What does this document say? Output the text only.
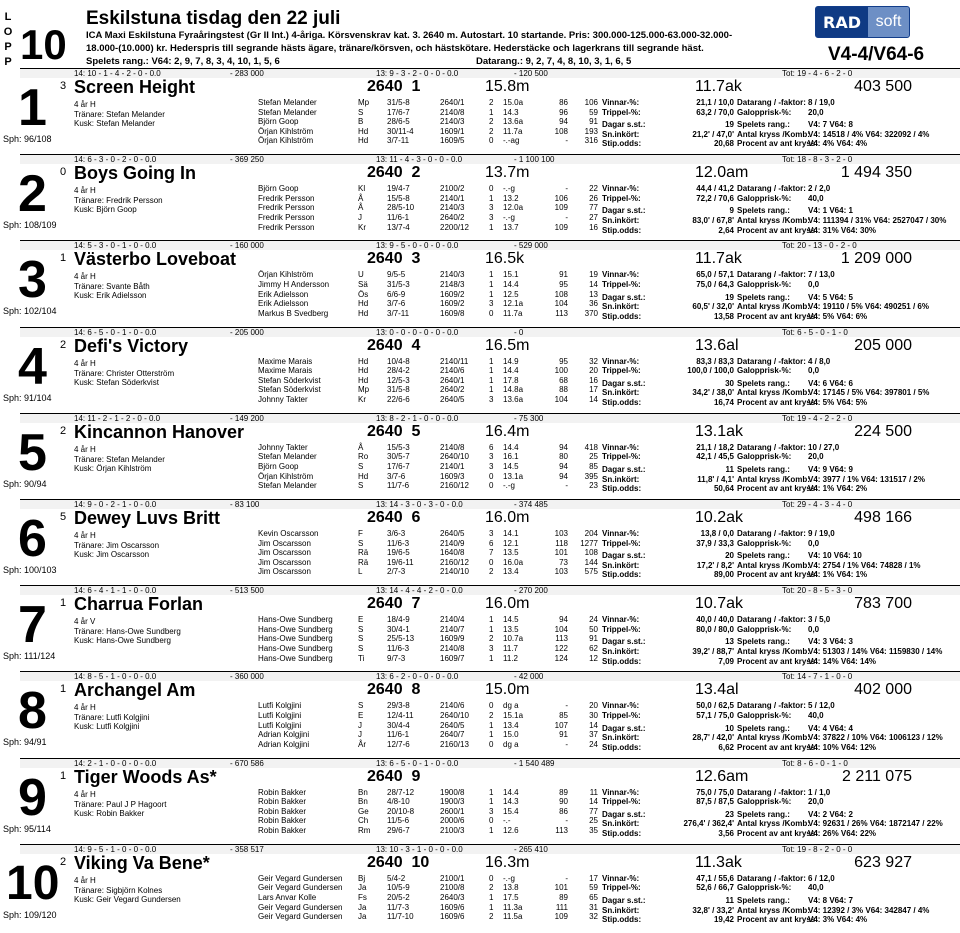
L
O
P
P 10
Eskilstuna tisdag den 22 juli
ICA Maxi Eskilstuna Fyraåringstest (Gr II Int.) 4-åriga. Körsvenskrav kat. 3. 2640 m. Autostart. 10 startande. Pris: 300.000-125.000-63.000-32.000-
18.000-(10.000) kr. Hederspris till segrande hästs ägare, tränare/körsven, och hästskötare. Hederstäcke och lagerkrans till segrande häst.
Spelets rang.: V64: 2, 9, 7, 8, 3, 4, 10, 1, 5, 6	Datarang.: 9, 2, 7, 4, 8, 10, 3, 1, 6, 5
RAD soft
V4-4/V64-6
14: 10 - 1 - 4 - 2 - 0 - 0.0	- 283 000	13: 9 - 3 - 2 - 0 - 0 - 0.0	- 120 500	Tot: 19 - 4 - 6 - 2 - 0
1 3
Sph: 96/108
Screen Height
4 år H
Tränare: Stefan Melander
Kusk: Stefan Melander
2640 1	15.8m	11.7ak	403 500
Stefan Melander	Mp	31/5-8	2640/1	2	15.0a	86	106
Stefan Melander	S	17/6-7	2140/8	1	14.3	96	59
Björn Goop	B	28/6-5	2140/3	2	13.6a	94	91
Örjan Kihlström	Hd	30/11-4	1609/1	2	11.7a	108	193
Örjan Kihlström	Hd	3/7-11	1609/5	0	-.-ag	-	316
Vinnar-%:	21,1 / 10,0 Datarang / -faktor: 8 / 19,0
Trippel-%:	63,2 / 70,0 Galopprisk-%:	20,0
Dagar s.st.:	19 Spelets rang.:	V4: 7 V64: 8
Sn.inkört:	21,2' / 47,0' Antal kryss /Komb:
V4: 14518 / 4% V64: 322092 / 4%
Stip.odds:	20,68 Procent av ant kryss:
V4: 4% V64: 4%
14: 6 - 3 - 0 - 2 - 0 - 0.0	- 369 250	13: 11 - 4 - 3 - 0 - 0 - 0.0	- 1 100 100	Tot: 18 - 8 - 3 - 2 - 0
2 0
Sph: 108/109
Boys Going In
4 år H
Tränare: Fredrik Persson
Kusk: Björn Goop
2640 2	13.7m	12.0am	1 494 350
Björn Goop	Kl	19/4-7	2100/2	0	-.-g	-	22
Fredrik Persson	Å	15/5-8	2140/1	1	13.2	106	26
Fredrik Persson	Å	28/5-10	2140/3	3	12.0a	109	77
Fredrik Persson	J	11/6-1	2640/2	3	-.-g	-	27
Fredrik Persson	Kr	13/7-4	2200/12	1	13.7	109	16
Vinnar-%:	44,4 / 41,2 Datarang / -faktor: 2 / 2,0
Trippel-%:	72,2 / 70,6 Galopprisk-%:	40,0
Dagar s.st.:	9 Spelets rang.:	V4: 1 V64: 1
Sn.inkört:	83,0' / 67,8' Antal kryss /Komb:
V4: 111394 / 31% V64: 2527047 / 30%
Stip.odds:	2,64 Procent av ant kryss:
V4: 31% V64: 30%
14: 5 - 3 - 0 - 1 - 0 - 0.0	- 160 000	13: 9 - 5 - 0 - 0 - 0 - 0.0	- 529 000	Tot: 20 - 13 - 0 - 2 - 0
3 1
Sph: 102/104
Västerbo Loveboat
4 år H
Tränare: Svante Båth
Kusk: Erik Adielsson
2640 3	16.5k	11.7ak	1 209 000
Örjan Kihlström	U	9/5-5	2140/3	1	15.1	91	19
Jimmy H Andersson	Sä	31/5-3	2148/3	1	14.4	95	14
Erik Adielsson	Ös	6/6-9	1609/2	1	12.5	108	13
Erik Adielsson	Hd	3/7-6	1609/2	3	12.1a	104	36
Markus B Svedberg	Hd	3/7-11	1609/8	0	11.7a	113	370
Vinnar-%:	65,0 / 57,1 Datarang / -faktor: 7 / 13,0
Trippel-%:	75,0 / 64,3 Galopprisk-%:	0,0
Dagar s.st.:	19 Spelets rang.:	V4: 5 V64: 5
Sn.inkört:	60,5' / 32,0' Antal kryss /Komb:
V4: 19110 / 5% V64: 490251 / 6%
Stip.odds:	13,58 Procent av ant kryss:
V4: 5% V64: 6%
14: 6 - 5 - 0 - 1 - 0 - 0.0	- 205 000	13: 0 - 0 - 0 - 0 - 0 - 0.0	- 0	Tot: 6 - 5 - 0 - 1 - 0
4 2
Sph: 91/104
Defi's Victory
4 år H
Tränare: Christer Otterström
Kusk: Stefan Söderkvist
2640 4	16.5m	13.6al	205 000
Maxime Marais	Hd	10/4-8	2140/11	1	14.9	95	32
Maxime Marais	Hd	28/4-2	2140/6	1	14.4	100	20
Stefan Söderkvist	Hd	12/5-3	2640/1	1	17.8	68	16
Stefan Söderkvist	Mp	31/5-8	2640/2	1	14.8a	88	17
Johnny Takter	Kr	22/6-6	2640/5	3	13.6a	104	14
Vinnar-%:	83,3 / 83,3 Datarang / -faktor: 4 / 8,0
Trippel-%:	100,0 / 100,0 Galopprisk-%:	0,0
Dagar s.st.:	30 Spelets rang.:	V4: 6 V64: 6
Sn.inkört:	34,2' / 38,0' Antal kryss /Komb:
V4: 17145 / 5% V64: 397801 / 5%
Stip.odds:	16,74 Procent av ant kryss:
V4: 5% V64: 5%
14: 11 - 2 - 1 - 2 - 0 - 0.0	- 149 200	13: 8 - 2 - 1 - 0 - 0 - 0.0	- 75 300	Tot: 19 - 4 - 2 - 2 - 0
5 2
Sph: 90/94
Kincannon Hanover
4 år H
Tränare: Stefan Melander
Kusk: Örjan Kihlström
2640 5	16.4m	13.1ak	224 500
Johnny Takter	Å	15/5-3	2140/8	6	14.4	94	418
Stefan Melander	Ro	30/5-7	2640/10	3	16.1	80	25
Björn Goop	S	17/6-7	2140/1	3	14.5	94	85
Örjan Kihlström	Hd	3/7-6	1609/3	0	13.1a	94	395
Stefan Melander	S	11/7-6	2160/12	0	-.-g	-	23
Vinnar-%:	21,1 / 18,2 Datarang / -faktor: 10 / 27,0
Trippel-%:	42,1 / 45,5 Galopprisk-%:	20,0
Dagar s.st.:	11 Spelets rang.:	V4: 9 V64: 9
Sn.inkört:	11,8' / 4,1' Antal kryss /Komb:
V4: 3977 / 1% V64: 131517 / 2%
Stip.odds:	50,64 Procent av ant kryss:
V4: 1% V64: 2%
14: 9 - 0 - 2 - 1 - 0 - 0.0	- 83 100	13: 14 - 3 - 0 - 3 - 0 - 0.0	- 374 485	Tot: 29 - 4 - 3 - 4 - 0
6 5
Sph: 100/103
Dewey Luvs Britt
4 år H
Tränare: Jim Oscarsson
Kusk: Jim Oscarsson
2640 6	16.0m	10.2ak	498 166
Kevin Oscarsson	F	3/6-3	2640/5	3	14.1	103	204
Jim Oscarsson	S	11/6-3	2140/9	6	12.1	118	1277
Jim Oscarsson	Rä	19/6-5	1640/8	7	13.5	101	108
Jim Oscarsson	Rä	19/6-11	2160/12	0	16.0a	73	144
Jim Oscarsson	L	2/7-3	2140/10	2	13.4	103	575
Vinnar-%:	13,8 / 0,0 Datarang / -faktor: 9 / 19,0
Trippel-%:	37,9 / 33,3 Galopprisk-%:	0,0
Dagar s.st.:	20 Spelets rang.:	V4: 10 V64: 10
Sn.inkört:	17,2' / 8,2' Antal kryss /Komb:
V4: 2754 / 1% V64: 74828 / 1%
Stip.odds:	89,00 Procent av ant kryss:
V4: 1% V64: 1%
14: 6 - 4 - 1 - 1 - 0 - 0.0	- 513 500	13: 14 - 4 - 4 - 2 - 0 - 0.0	- 270 200	Tot: 20 - 8 - 5 - 3 - 0
7 1
Sph: 111/124
Charrua Forlan
4 år V
Tränare: Hans-Owe Sundberg
Kusk: Hans-Owe Sundberg
2640 7	16.0m	10.7ak	783 700
Hans-Owe Sundberg	E	18/4-9	2140/4	1	14.5	94	24
Hans-Owe Sundberg	S	30/4-1	2140/7	1	13.5	104	50
Hans-Owe Sundberg	S	25/5-13	1609/9	2	10.7a	113	91
Hans-Owe Sundberg	S	11/6-3	2140/8	3	11.7	122	62
Hans-Owe Sundberg	Ti	9/7-3	1609/7	1	11.2	124	12
Vinnar-%:	40,0 / 40,0 Datarang / -faktor: 3 / 5,0
Trippel-%:	80,0 / 80,0 Galopprisk-%:	0,0
Dagar s.st.:	13 Spelets rang.:	V4: 3 V64: 3
Sn.inkört:	39,2' / 88,7' Antal kryss /Komb:
V4: 51303 / 14% V64: 1159830 / 14%
Stip.odds:	7,09 Procent av ant kryss:
V4: 14% V64: 14%
14: 8 - 5 - 1 - 0 - 0 - 0.0	- 360 000	13: 6 - 2 - 0 - 0 - 0 - 0.0	- 42 000	Tot: 14 - 7 - 1 - 0 - 0
8 1
Sph: 94/91
Archangel Am
4 år H
Tränare: Lutfi Kolgjini
Kusk: Lutfi Kolgjini
2640 8	15.0m	13.4al	402 000
Lutfi Kolgjini	S	29/3-8	2140/6	0	dg a	-	20
Lutfi Kolgjini	E	12/4-11	2640/10	2	15.1a	85	30
Lutfi Kolgjini	J	30/4-4	2640/5	1	13.4	107	14
Adrian Kolgjini	J	11/6-1	2640/7	1	15.0	91	37
Adrian Kolgjini	År	12/7-6	2160/13	0	dg a	-	24
Vinnar-%:	50,0 / 62,5 Datarang / -faktor: 5 / 12,0
Trippel-%:	57,1 / 75,0 Galopprisk-%:	40,0
Dagar s.st.:	10 Spelets rang.:	V4: 4 V64: 4
Sn.inkört:	28,7' / 42,0' Antal kryss /Komb:
V4: 37822 / 10% V64: 1006123 / 12%
Stip.odds:	6,62 Procent av ant kryss:
V4: 10% V64: 12%
14: 2 - 1 - 0 - 0 - 0 - 0.0	- 670 586	13: 6 - 5 - 0 - 1 - 0 - 0.0	- 1 540 489	Tot: 8 - 6 - 0 - 1 - 0
9 1
Sph: 95/114
Tiger Woods As*
4 år H
Tränare: Paul J P Hagoort
Kusk: Robin Bakker
2640 9	12.6am	2 211 075
Robin Bakker	Bn	28/7-12	1900/8	1	14.4	89	11
Robin Bakker	Bn	4/8-10	1900/3	1	14.3	90	14
Robin Bakker	Ge	20/10-8	2600/1	3	15.4	86	77
Robin Bakker	Ch	11/5-6	2000/6	0	-.-	-	25
Robin Bakker	Rm	29/6-7	2100/3	1	12.6	113	35
Vinnar-%:	75,0 / 75,0 Datarang / -faktor: 1 / 1,0
Trippel-%:	87,5 / 87,5 Galopprisk-%:	20,0
Dagar s.st.:	23 Spelets rang.:	V4: 2 V64: 2
Sn.inkört:	276,4' / 362,4' Antal kryss /Komb:
V4: 92631 / 26% V64: 1872147 / 22%
Stip.odds:	3,56 Procent av ant kryss:
V4: 26% V64: 22%
14: 9 - 5 - 1 - 0 - 0 - 0.0	- 358 517	13: 10 - 3 - 1 - 0 - 0 - 0.0	- 265 410	Tot: 19 - 8 - 2 - 0 - 0
10 2
Sph: 109/120
Viking Va Bene*
4 år H
Tränare: Sigbjörn Kolnes
Kusk: Geir Vegard Gundersen
2640 10	16.3m	11.3ak	623 927
Geir Vegard Gundersen	Bj	5/4-2	2100/1	0	-.-g	-	17
Geir Vegard Gundersen	Ja	10/5-9	2100/8	2	13.8	101	59
Lars Anvar Kolle	Fs	20/5-2	2640/3	1	17.5	89	65
Geir Vegard Gundersen	Ja	11/7-3	1609/6	1	11.3a	111	31
Geir Vegard Gundersen	Ja	11/7-10	1609/6	2	11.5a	109	32
Vinnar-%:	47,1 / 55,6 Datarang / -faktor: 6 / 12,0
Trippel-%:	52,6 / 66,7 Galopprisk-%:	40,0
Dagar s.st.:	11 Spelets rang.:	V4: 8 V64: 7
Sn.inkört:	32,8' / 33,2' Antal kryss /Komb:
V4: 12392 / 3% V64: 342847 / 4%
Stip.odds:	19,42 Procent av ant kryss:
V4: 3% V64: 4%
